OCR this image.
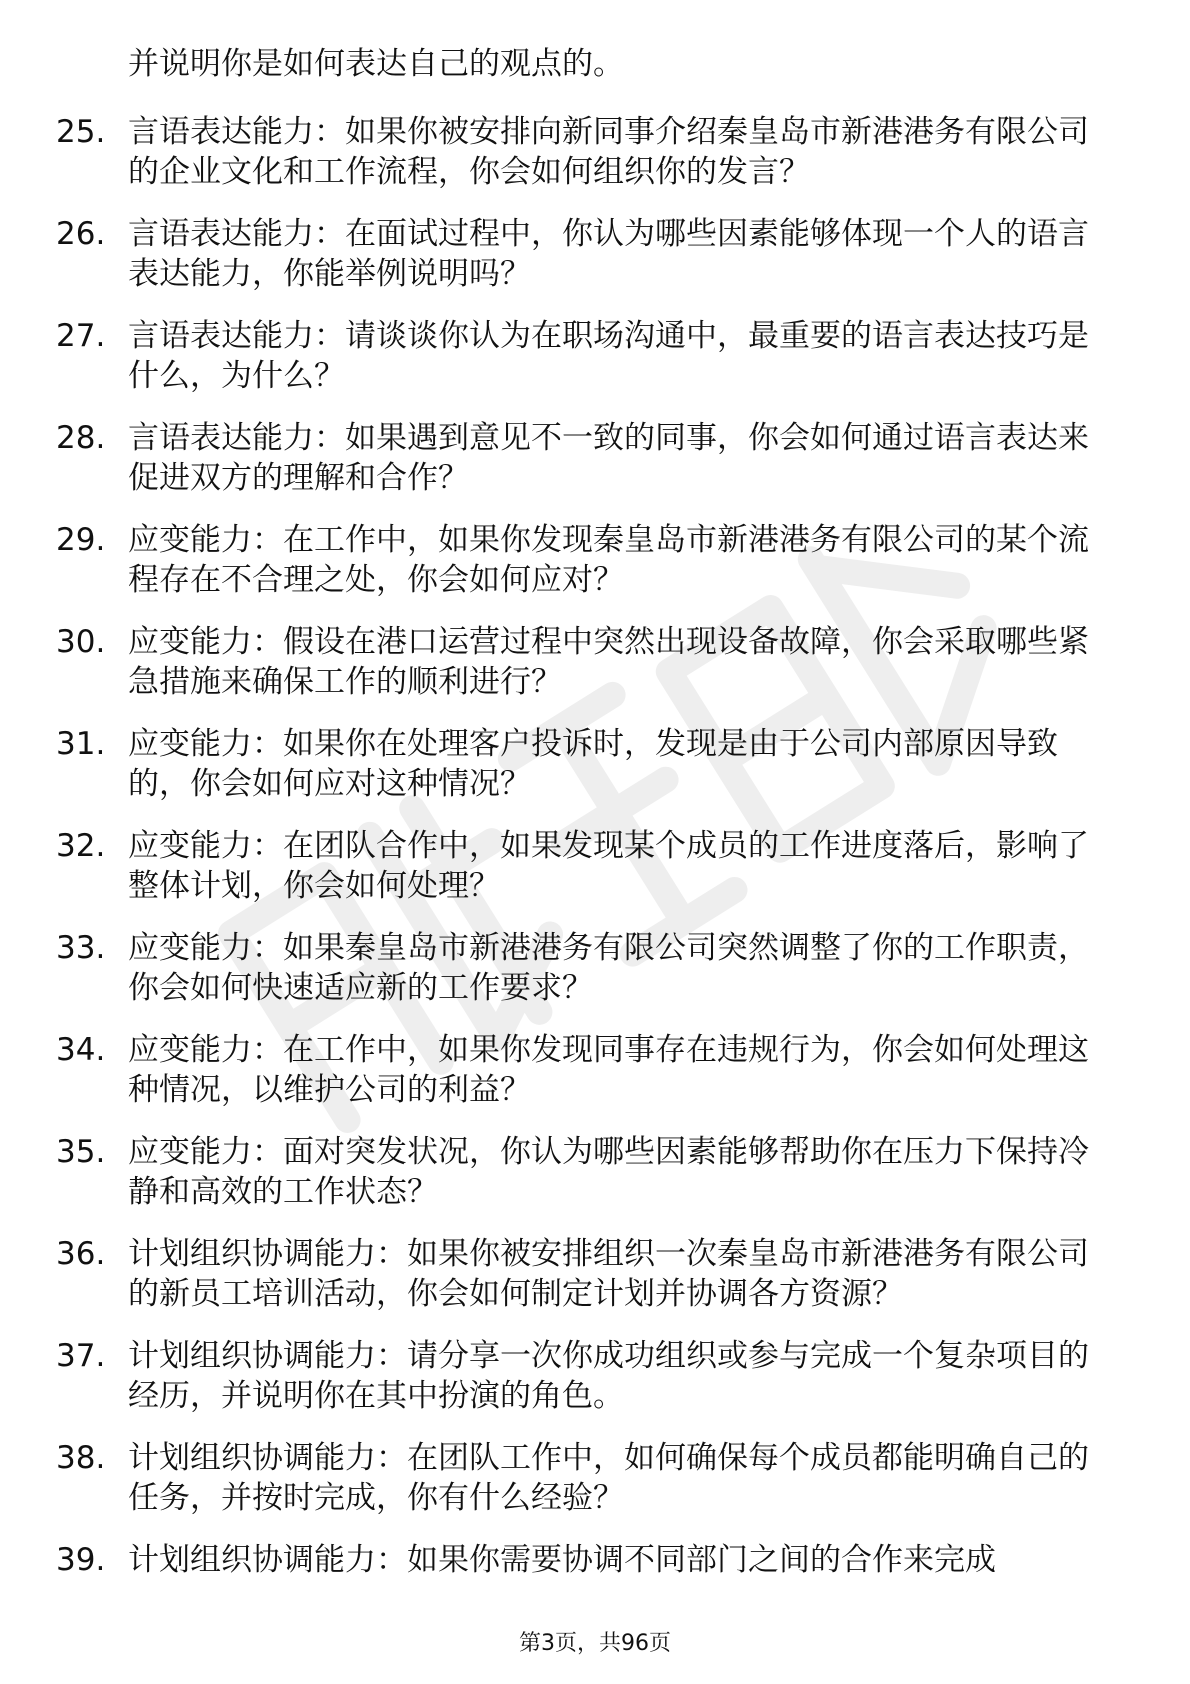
并说明你是如何表达自己的观点的。

25. 言语表达能力：如果你被安排向新同事介绍秦皇岛市新港港务有限公司的企业文化和工作流程，你会如何组织你的发言？
26. 言语表达能力：在面试过程中，你认为哪些因素能够体现一个人的语言表达能力，你能举例说明吗？
27. 言语表达能力：请谈谈你认为在职场沟通中，最重要的语言表达技巧是什么，为什么？
28. 言语表达能力：如果遇到意见不一致的同事，你会如何通过语言表达来促进双方的理解和合作？
29. 应变能力：在工作中，如果你发现秦皇岛市新港港务有限公司的某个流程存在不合理之处，你会如何应对？
30. 应变能力：假设在港口运营过程中突然出现设备故障，你会采取哪些紧急措施来确保工作的顺利进行？
31. 应变能力：如果你在处理客户投诉时，发现是由于公司内部原因导致的，你会如何应对这种情况？
32. 应变能力：在团队合作中，如果发现某个成员的工作进度落后，影响了整体计划，你会如何处理？
33. 应变能力：如果秦皇岛市新港港务有限公司突然调整了你的工作职责，你会如何快速适应新的工作要求？
34. 应变能力：在工作中，如果你发现同事存在违规行为，你会如何处理这种情况，以维护公司的利益？
35. 应变能力：面对突发状况，你认为哪些因素能够帮助你在压力下保持冷静和高效的工作状态？
36. 计划组织协调能力：如果你被安排组织一次秦皇岛市新港港务有限公司的新员工培训活动，你会如何制定计划并协调各方资源？
37. 计划组织协调能力：请分享一次你成功组织或参与完成一个复杂项目的经历，并说明你在其中扮演的角色。
38. 计划组织协调能力：在团队工作中，如何确保每个成员都能明确自己的任务，并按时完成，你有什么经验？
39. 计划组织协调能力：如果你需要协调不同部门之间的合作来完成
第3页，共96页
